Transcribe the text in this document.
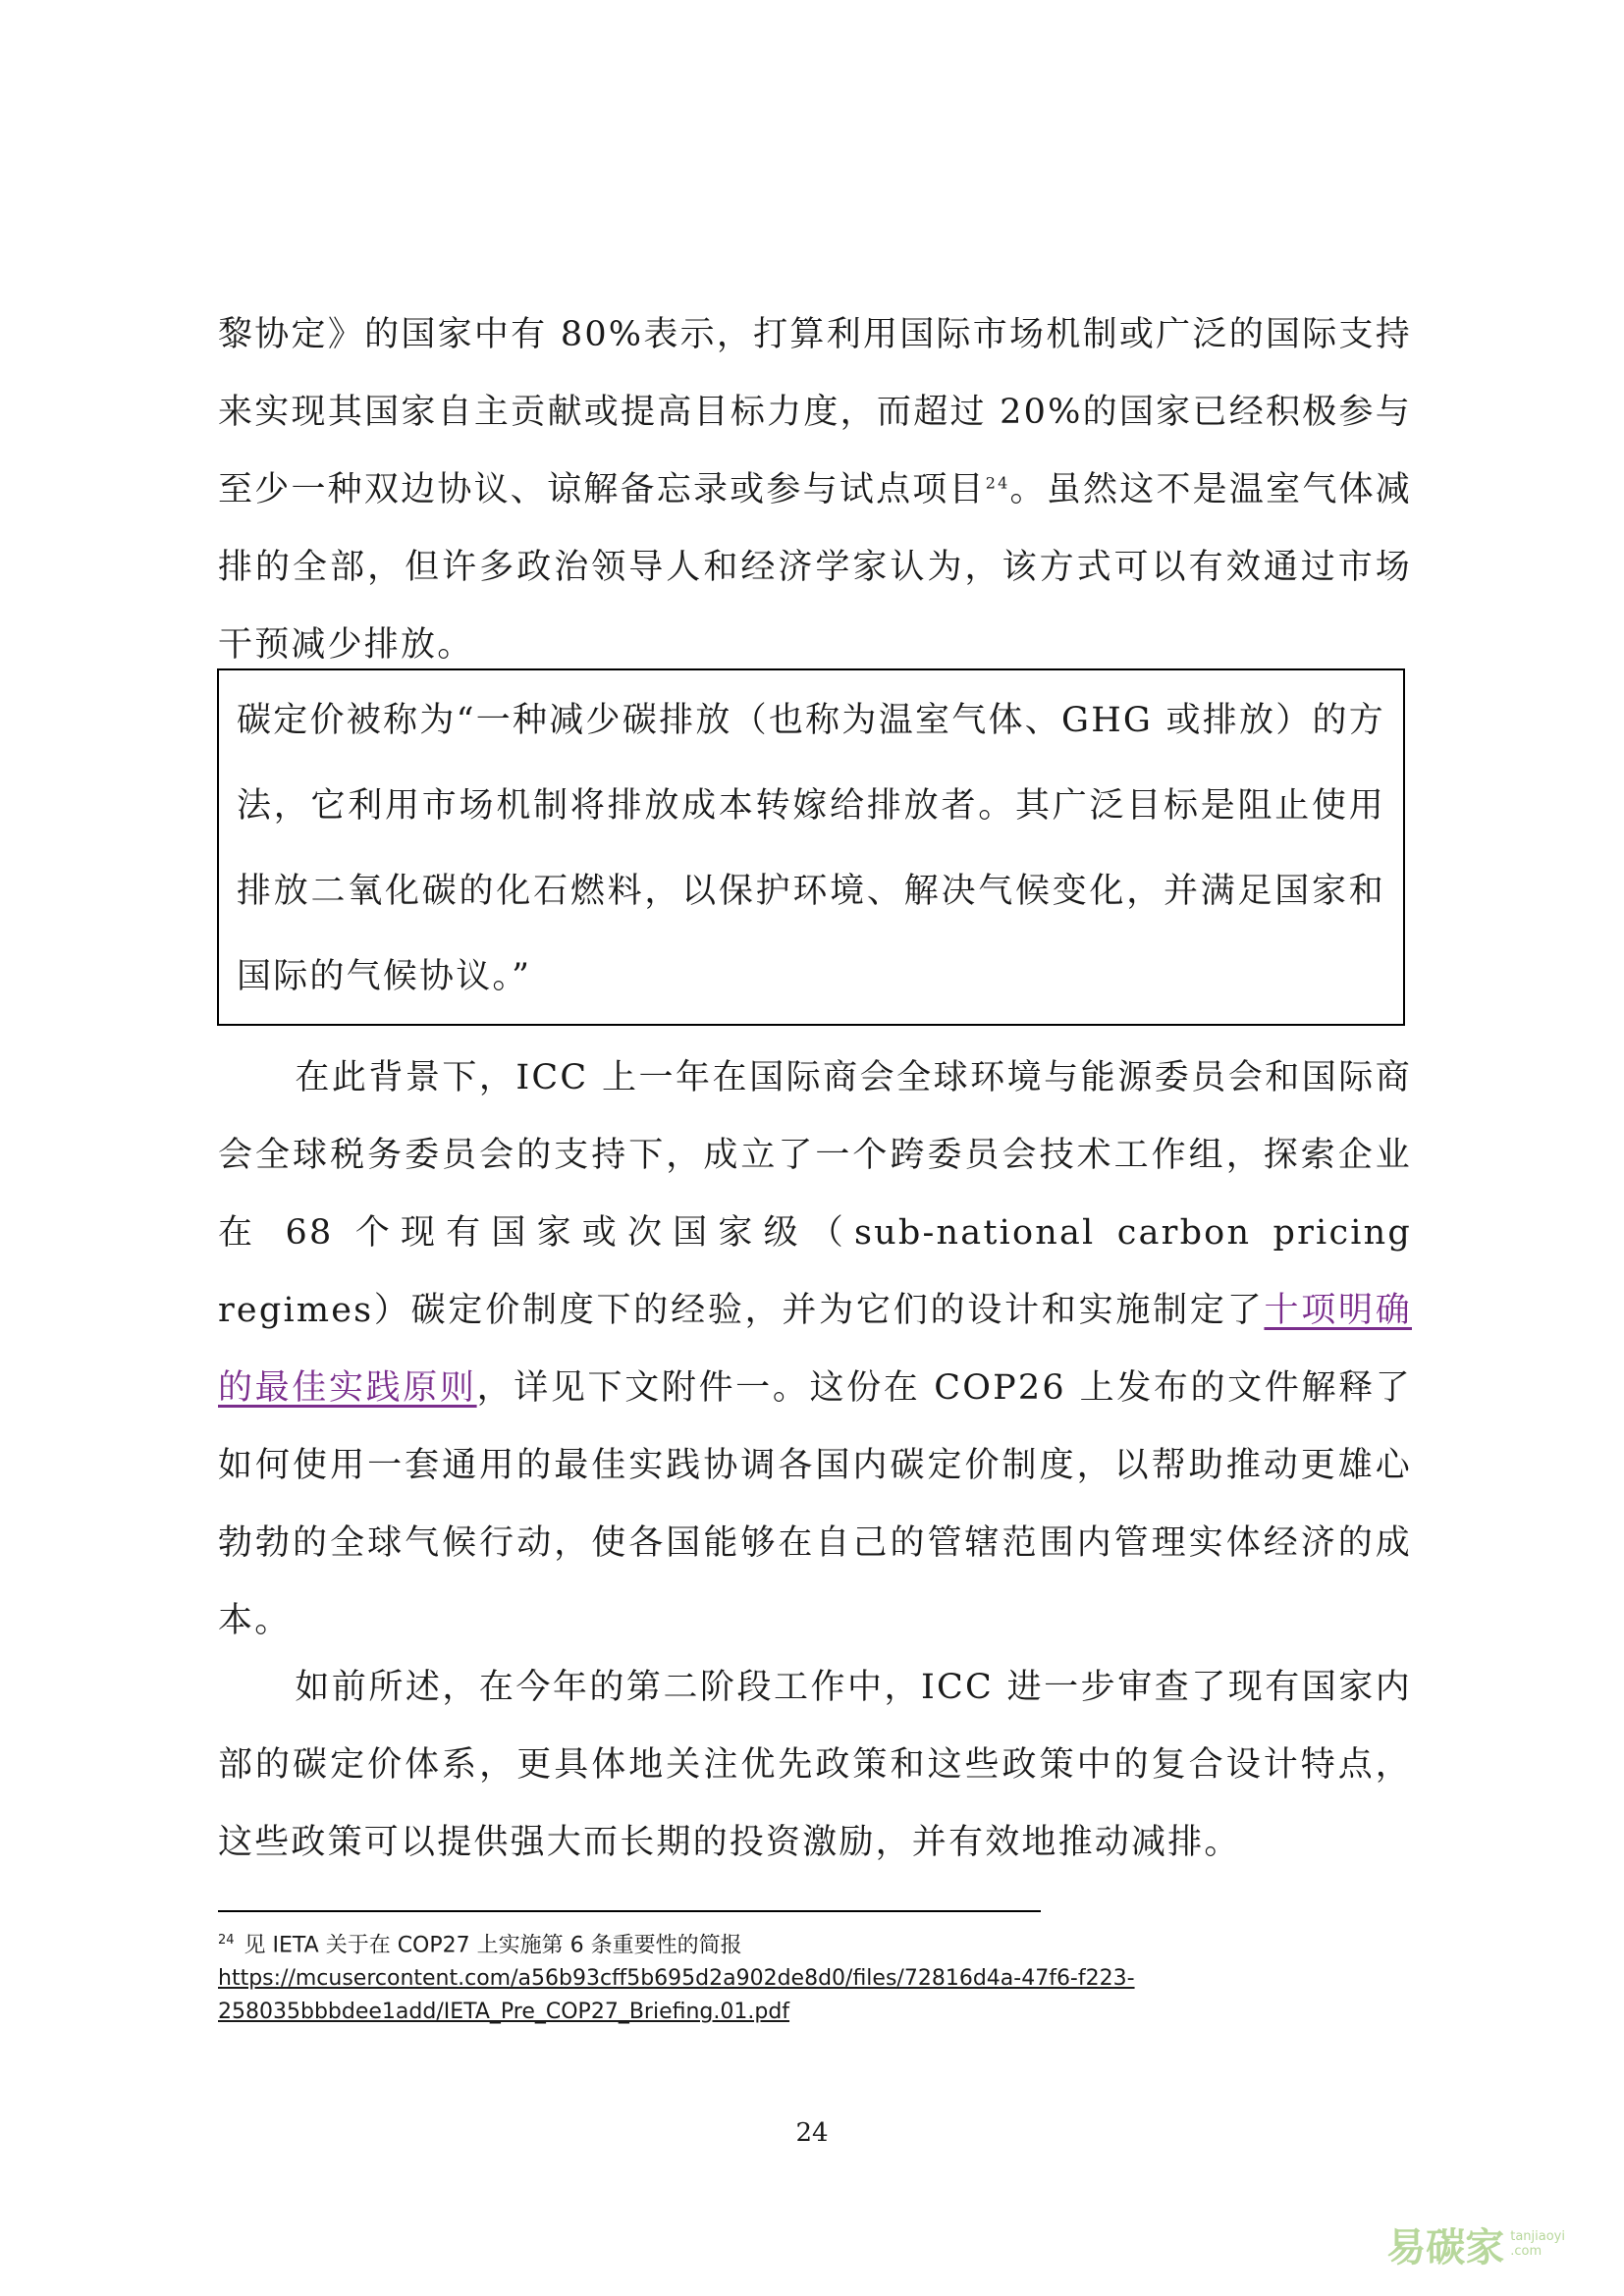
黎协定》的国家中有 80%表示，打算利用国际市场机制或广泛的国际支持来实现其国家自主贡献或提高目标力度，而超过 20%的国家已经积极参与至少一种双边协议、谅解备忘录或参与试点项目$^{24}$。虽然这不是温室气体减排的全部，但许多政治领导人和经济学家认为，该方式可以有效通过市场干预减少排放。

碳定价被称为“一种减少碳排放（也称为温室气体、GHG 或排放）的方法，它利用市场机制将排放成本转嫁给排放者。其广泛目标是阻止使用排放二氧化碳的化石燃料，以保护环境、解决气候变化，并满足国家和国际的气候协议。”

在此背景下，ICC 上一年在国际商会全球环境与能源委员会和国际商会全球税务委员会的支持下，成立了一个跨委员会技术工作组，探索企业在 68 个现有国家或次国家级（sub-national carbon pricing regimes）碳定价制度下的经验，并为它们的设计和实施制定了十项明确的最佳实践原则，详见下文附件一。这份在 COP26 上发布的文件解释了如何使用一套通用的最佳实践协调各国内碳定价制度，以帮助推动更雄心勃勃的全球气候行动，使各国能够在自己的管辖范围内管理实体经济的成本。

如前所述，在今年的第二阶段工作中，ICC 进一步审查了现有国家内部的碳定价体系，更具体地关注优先政策和这些政策中的复合设计特点，这些政策可以提供强大而长期的投资激励，并有效地推动减排。

$^{24}$ 见 IETA 关于在 COP27 上实施第 6 条重要性的简报
https://mcusercontent.com/a56b93cff5b695d2a902de8d0/files/72816d4a-47f6-f223-
258035bbbdee1add/IETA_Pre_COP27_Briefing.01.pdf
24
易碳家 tanjiaoyi
.com
